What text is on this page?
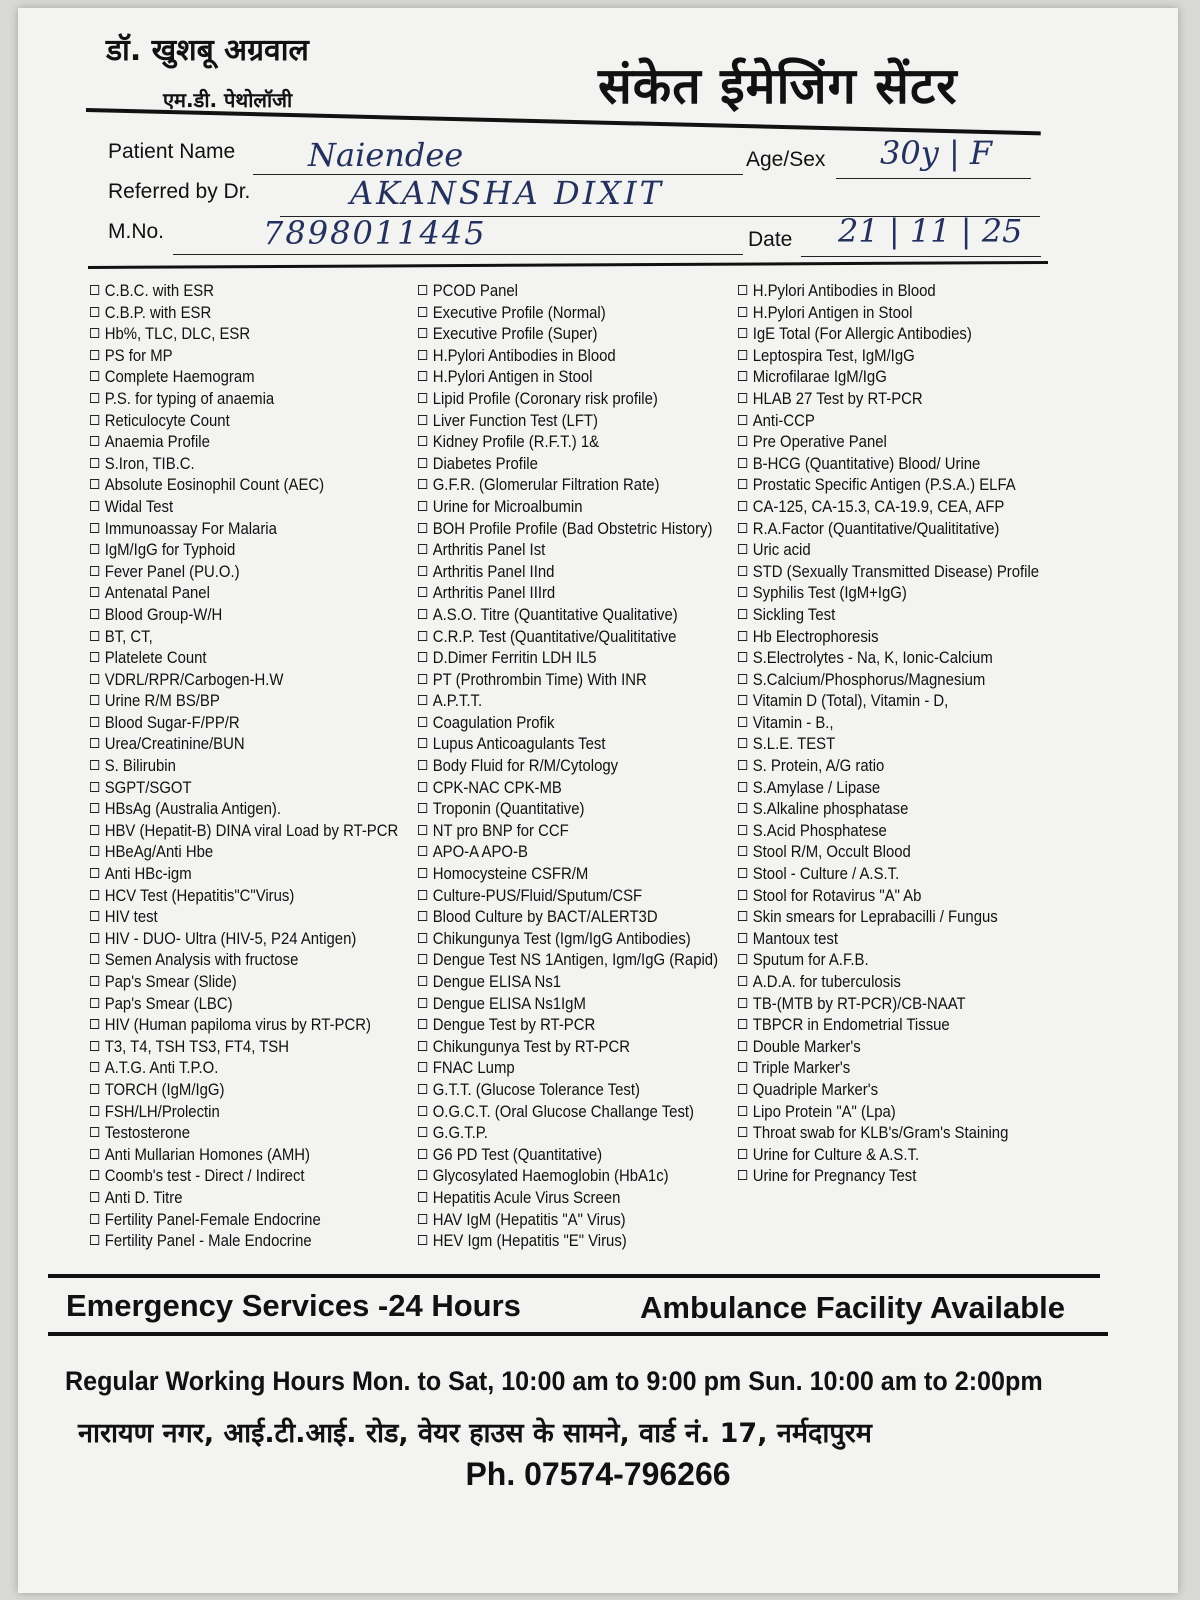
डॉ. खुशबू अग्रवाल
एम.डी. पेथोलॉजी	संकेत ईमेजिंग सेंटर
Patient Name Naiendee	Age/Sex 30y | F
Referred by Dr.	AKANSHA DIXIT
M.No.	7898011445	Date 21 | 11 | 25
C.B.C. with ESR
C.B.P. with ESR
Hb%, TLC, DLC, ESR
PS for MP
Complete Haemogram
P.S. for typing of anaemia
Reticulocyte Count
Anaemia Profile
S.Iron, TIB.C.
Absolute Eosinophil Count (AEC)
Widal Test
Immunoassay For Malaria
IgM/IgG for Typhoid
Fever Panel (PU.O.)
Antenatal Panel
Blood Group-W/H
BT, CT,
Platelete Count
VDRL/RPR/Carbogen-H.W
Urine R/M BS/BP
Blood Sugar-F/PP/R
Urea/Creatinine/BUN
S. Bilirubin
SGPT/SGOT
HBsAg (Australia Antigen).
HBV (Hepatit-B) DINA viral Load by RT-PCR
HBeAg/Anti Hbe
Anti HBc-igm
HCV Test (Hepatitis"C"Virus)
HIV test
HIV - DUO- Ultra (HIV-5, P24 Antigen)
Semen Analysis with fructose
Pap's Smear (Slide)
Pap's Smear (LBC)
HIV (Human papiloma virus by RT-PCR)
T3, T4, TSH TS3, FT4, TSH
A.T.G. Anti T.P.O.
TORCH (IgM/IgG)
FSH/LH/Prolectin
Testosterone
Anti Mullarian Homones (AMH)
Coomb's test - Direct / Indirect
Anti D. Titre
Fertility Panel-Female Endocrine
Fertility Panel - Male Endocrine
PCOD Panel
Executive Profile (Normal)
Executive Profile (Super)
H.Pylori Antibodies in Blood
H.Pylori Antigen in Stool
Lipid Profile (Coronary risk profile)
Liver Function Test (LFT)
Kidney Profile (R.F.T.) 1&
Diabetes Profile
G.F.R. (Glomerular Filtration Rate)
Urine for Microalbumin
BOH Profile Profile (Bad Obstetric History)
Arthritis Panel Ist
Arthritis Panel IInd
Arthritis Panel IIIrd
A.S.O. Titre (Quantitative Qualitative)
C.R.P. Test (Quantitative/Qualititative
D.Dimer Ferritin LDH IL5
PT (Prothrombin Time) With INR
A.P.T.T.
Coagulation Profik
Lupus Anticoagulants Test
Body Fluid for R/M/Cytology
CPK-NAC CPK-MB
Troponin (Quantitative)
NT pro BNP for CCF
APO-A APO-B
Homocysteine CSFR/M
Culture-PUS/Fluid/Sputum/CSF
Blood Culture by BACT/ALERT3D
Chikungunya Test (Igm/IgG Antibodies)
Dengue Test NS 1Antigen, Igm/IgG (Rapid)
Dengue ELISA Ns1
Dengue ELISA Ns1IgM
Dengue Test by RT-PCR
Chikungunya Test by RT-PCR
FNAC Lump
G.T.T. (Glucose Tolerance Test)
O.G.C.T. (Oral Glucose Challange Test)
G.G.T.P.
G6 PD Test (Quantitative)
Glycosylated Haemoglobin (HbA1c)
Hepatitis Acule Virus Screen
HAV IgM (Hepatitis "A" Virus)
HEV Igm (Hepatitis "E" Virus)
H.Pylori Antibodies in Blood
H.Pylori Antigen in Stool
IgE Total (For Allergic Antibodies)
Leptospira Test, IgM/IgG
Microfilarae IgM/IgG
HLAB 27 Test by RT-PCR
Anti-CCP
Pre Operative Panel
B-HCG (Quantitative) Blood/ Urine
Prostatic Specific Antigen (P.S.A.) ELFA
CA-125, CA-15.3, CA-19.9, CEA, AFP
R.A.Factor (Quantitative/Qualititative)
Uric acid
STD (Sexually Transmitted Disease) Profile
Syphilis Test (IgM+IgG)
Sickling Test
Hb Electrophoresis
S.Electrolytes - Na, K, Ionic-Calcium
S.Calcium/Phosphorus/Magnesium
Vitamin D (Total), Vitamin - D,
Vitamin - B.,
S.L.E. TEST
S. Protein, A/G ratio
S.Amylase / Lipase
S.Alkaline phosphatase
S.Acid Phosphatese
Stool R/M, Occult Blood
Stool - Culture / A.S.T.
Stool for Rotavirus "A" Ab
Skin smears for Leprabacilli / Fungus
Mantoux test
Sputum for A.F.B.
A.D.A. for tuberculosis
TB-(MTB by RT-PCR)/CB-NAAT
TBPCR in Endometrial Tissue
Double Marker's
Triple Marker's
Quadriple Marker's
Lipo Protein "A" (Lpa)
Throat swab for KLB's/Gram's Staining
Urine for Culture & A.S.T.
Urine for Pregnancy Test
Emergency Services -24 Hours	Ambulance Facility Available
Regular Working Hours Mon. to Sat, 10:00 am to 9:00 pm Sun. 10:00 am to 2:00pm
नारायण नगर, आई.टी.आई. रोड, वेयर हाउस के सामने, वार्ड नं. 17, नर्मदापुरम
Ph. 07574-796266
